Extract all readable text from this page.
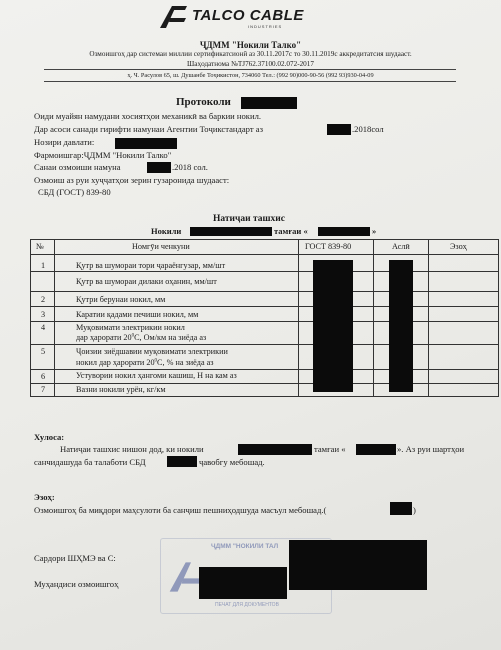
TALCO CABLE
INDUSTRIES
ҶДММ "Нокили Талко"
Озмоишгоҳ дар системаи миллии сертификатсионӣ аз 30.11.2017с то 30.11.2019с аккредитатсия шудааст.
Шаҳодатнома №TJ762.37100.02.072-2017
ҳ. Ч. Расулов 65, ш. Душанбе Тоҷикистон, 734060 Тел.: (992 90)000-90-56 (992 93)930-04-09
Протоколи
Оиди муайян намудани хосиятҳои механикӣ ва баркии нокил.
Дар асоси санади гирифти намунаи Агентии Тоҷикстандарт аз	.2018сол
Нозири давлати:
Фармоишгар:ҶДММ "Нокили Талко"
Санаи озмоиши намуна	.2018 сол.
Озмоиш аз руи хуҷҷатҳои зерин гузаронида шудааст:
СБД (ГОСТ) 839-80
Натиҷаи ташхис
Нокили	тамғаи «	»
№	Номгӯи ченкуни	ГОСТ 839-80	Аслӣ	Эзоҳ
1	Қутр ва шумораи тори ҷараёнгузар, мм/шт
Қутр ва шумораи дилаки оҳанин, мм/шт
2	Қутри берунаи нокил, мм
3	Каратии қадами печиши нокил, мм
4	Муқовимати электрикии нокил
дар ҳарорати $20^0С$, Ом/км на зиёда аз
5	Ҷоизии зиёдшавии муқовимати электрикии
нокил дар ҳарорати $20^0С$, % на зиёда аз
6	Устувории нокил ҳангоми кашиш, Н на кам аз
7	Вазни нокили урён, кг/км
Хулоса:
Натиҷаи ташхис нишон дод, ки нокили	тамғаи «	». Аз руи шартҳои
санчидашуда ба талаботи СБД	ҷавобгу мебошад.
Эзоҳ:
Озмоишгоҳ ба миқдори маҳсулоти ба санҷиш пешниҳодшуда масъул мебошад.(	)
ҶДММ "НОКИЛИ ТАЛ
ПЕЧАТ ДЛЯ ДОКУМЕНТОВ
Сардори ШҲМЭ ва С:
Муҳандиси озмоишгоҳ
